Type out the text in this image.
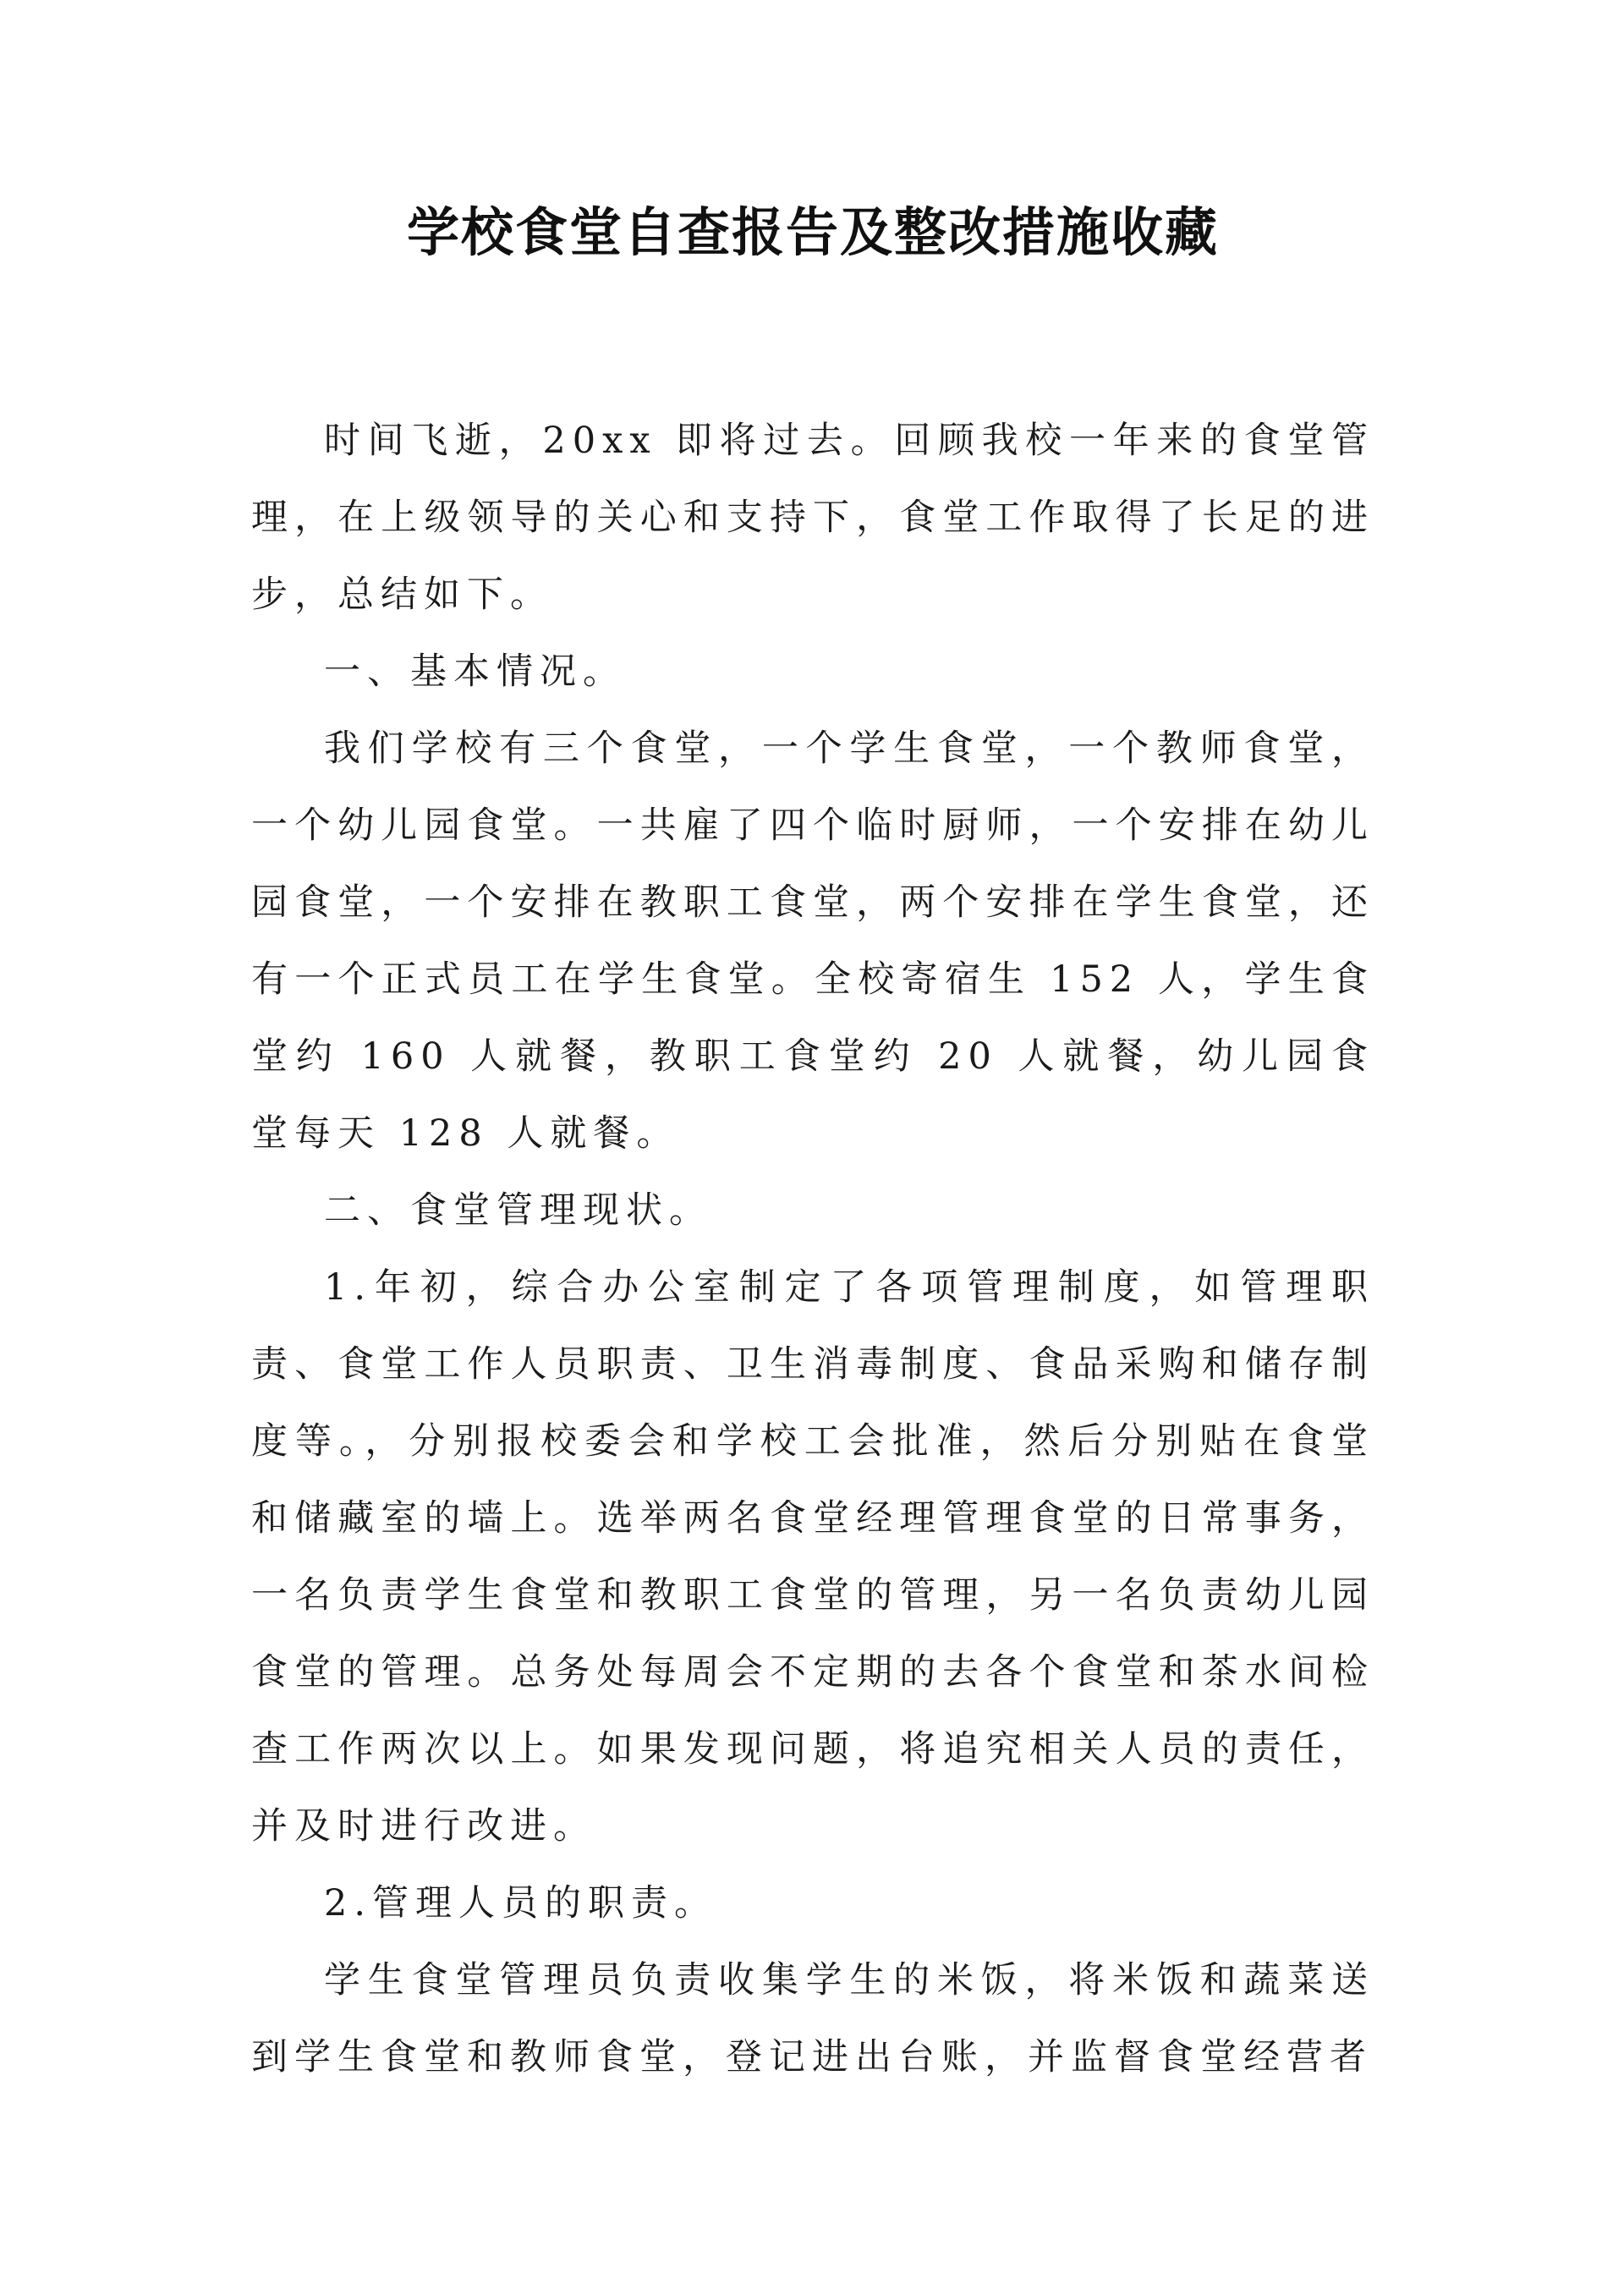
学校食堂自查报告及整改措施收藏

时间飞逝，20xx 即将过去。回顾我校一年来的食堂管理，在上级领导的关心和支持下，食堂工作取得了长足的进步，总结如下。

一、基本情况。

我们学校有三个食堂，一个学生食堂，一个教师食堂，一个幼儿园食堂。一共雇了四个临时厨师，一个安排在幼儿园食堂，一个安排在教职工食堂，两个安排在学生食堂，还有一个正式员工在学生食堂。全校寄宿生 152 人，学生食堂约 160 人就餐，教职工食堂约 20 人就餐，幼儿园食堂每天 128 人就餐。

二、食堂管理现状。

1.年初，综合办公室制定了各项管理制度，如管理职责、食堂工作人员职责、卫生消毒制度、食品采购和储存制度等。，分别报校委会和学校工会批准，然后分别贴在食堂和储藏室的墙上。选举两名食堂经理管理食堂的日常事务，一名负责学生食堂和教职工食堂的管理，另一名负责幼儿园食堂的管理。总务处每周会不定期的去各个食堂和茶水间检查工作两次以上。如果发现问题，将追究相关人员的责任，并及时进行改进。

2.管理人员的职责。

学生食堂管理员负责收集学生的米饭，将米饭和蔬菜送到学生食堂和教师食堂，登记进出台账，并监督食堂经营者
